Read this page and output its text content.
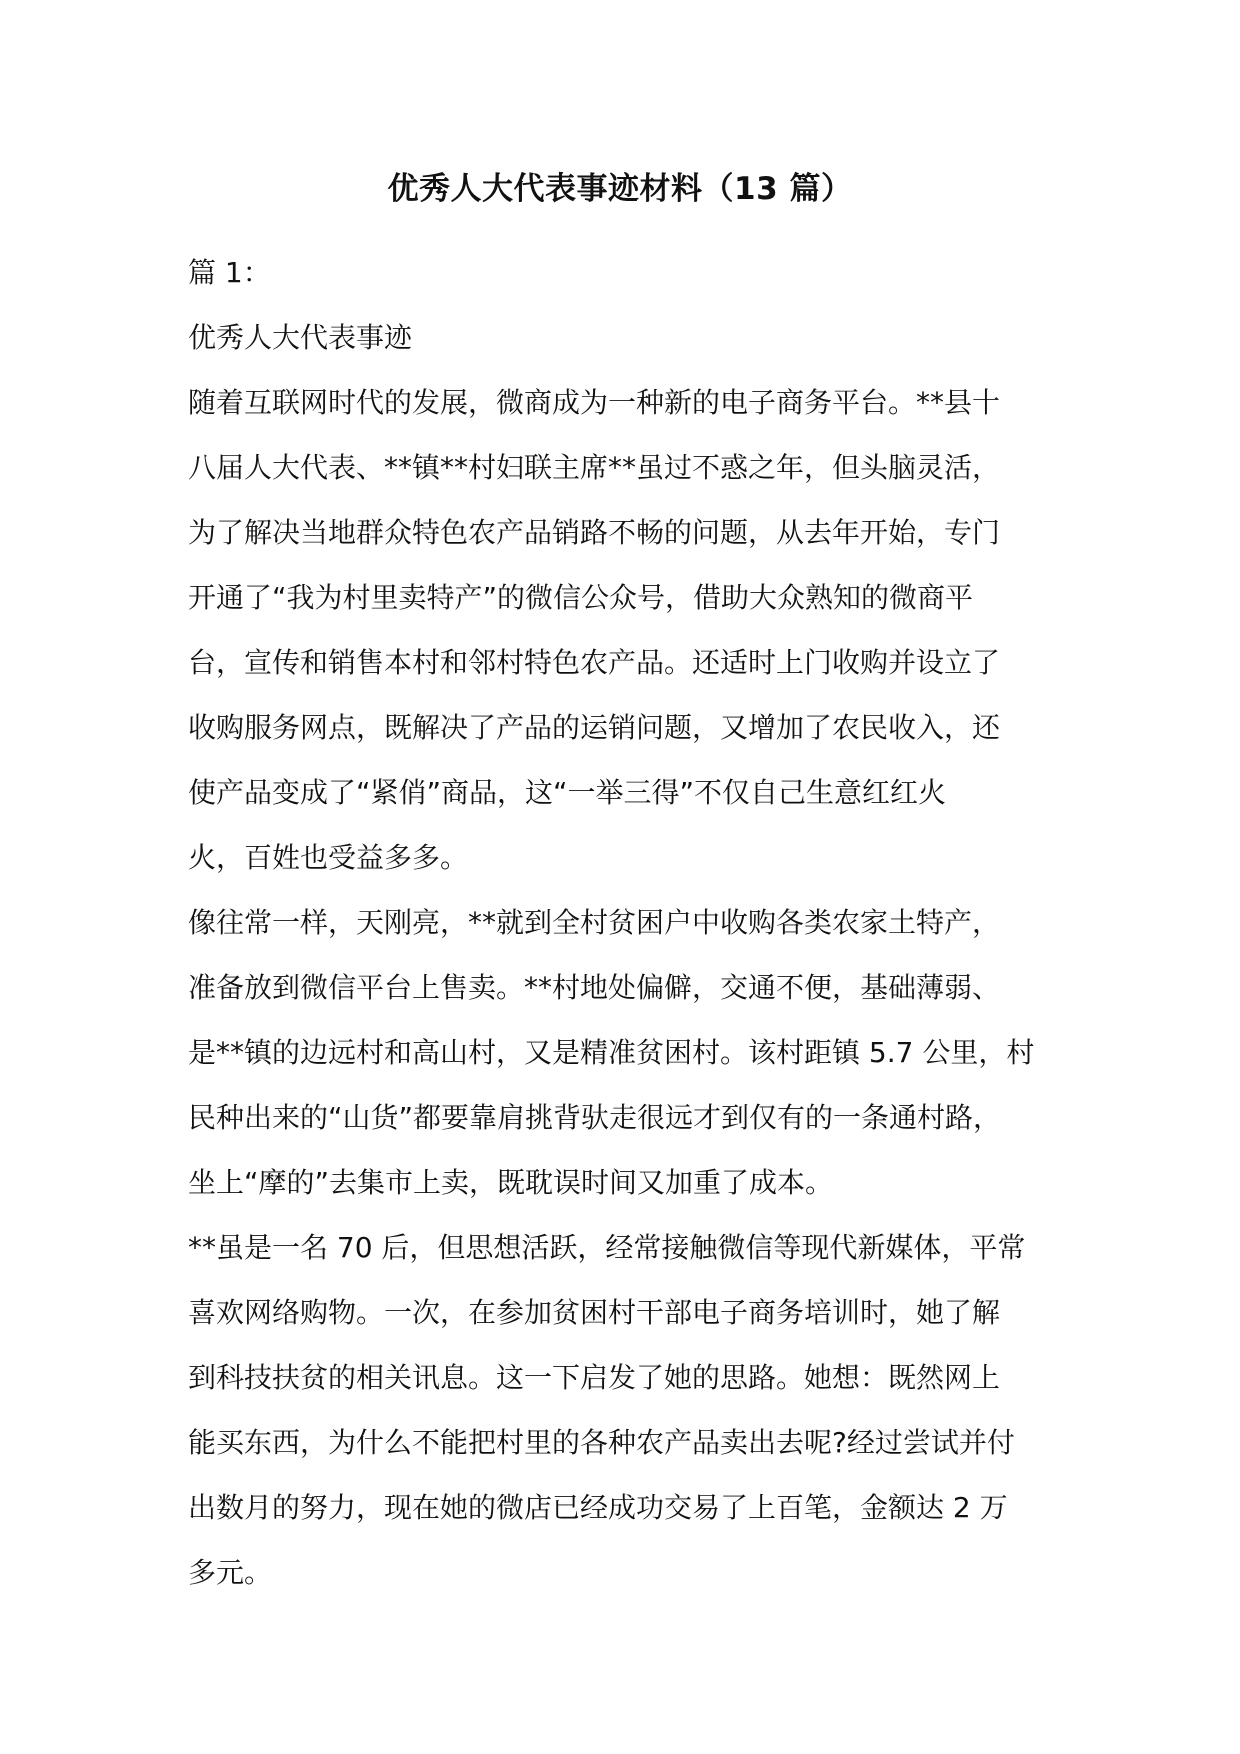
优秀人大代表事迹材料（13 篇）
篇 1：
优秀人大代表事迹
随着互联网时代的发展，微商成为一种新的电子商务平台。**县十
八届人大代表、**镇**村妇联主席**虽过不惑之年，但头脑灵活，
为了解决当地群众特色农产品销路不畅的问题，从去年开始，专门
开通了“我为村里卖特产”的微信公众号，借助大众熟知的微商平
台，宣传和销售本村和邻村特色农产品。还适时上门收购并设立了
收购服务网点，既解决了产品的运销问题，又增加了农民收入，还
使产品变成了“紧俏”商品，这“一举三得”不仅自己生意红红火
火，百姓也受益多多。
像往常一样，天刚亮，**就到全村贫困户中收购各类农家土特产，
准备放到微信平台上售卖。**村地处偏僻，交通不便，基础薄弱、
是**镇的边远村和高山村，又是精准贫困村。该村距镇 5.7 公里，村
民种出来的“山货”都要靠肩挑背驮走很远才到仅有的一条通村路，
坐上“摩的”去集市上卖，既耽误时间又加重了成本。
**虽是一名 70 后，但思想活跃，经常接触微信等现代新媒体，平常
喜欢网络购物。一次，在参加贫困村干部电子商务培训时，她了解
到科技扶贫的相关讯息。这一下启发了她的思路。她想：既然网上
能买东西，为什么不能把村里的各种农产品卖出去呢?经过尝试并付
出数月的努力，现在她的微店已经成功交易了上百笔，金额达 2 万
多元。
